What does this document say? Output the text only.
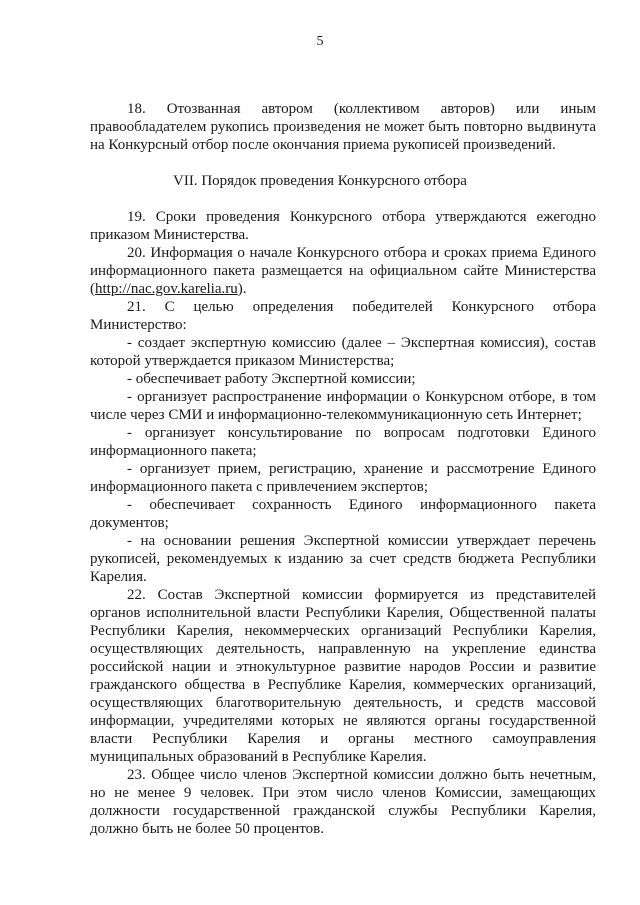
5
18. Отозванная автором (коллективом авторов) или иным
правообладателем рукопись произведения не может быть повторно выдвинута
на Конкурсный отбор после окончания приема рукописей произведений.
VII. Порядок проведения Конкурсного отбора
19. Сроки проведения Конкурсного отбора утверждаются ежегодно
приказом Министерства.
20. Информация о начале Конкурсного отбора и сроках приема Единого
информационного пакета размещается на официальном сайте Министерства
(http://nac.gov.karelia.ru).
21. С целью определения победителей Конкурсного отбора
Министерство:
- создает экспертную комиссию (далее – Экспертная комиссия), состав
которой утверждается приказом Министерства;
- обеспечивает работу Экспертной комиссии;
- организует распространение информации о Конкурсном отборе, в том
числе через СМИ и информационно-телекоммуникационную сеть Интернет;
- организует консультирование по вопросам подготовки Единого
информационного пакета;
- организует прием, регистрацию, хранение и рассмотрение Единого
информационного пакета с привлечением экспертов;
- обеспечивает сохранность Единого информационного пакета
документов;
- на основании решения Экспертной комиссии утверждает перечень
рукописей, рекомендуемых к изданию за счет средств бюджета Республики
Карелия.
22. Состав Экспертной комиссии формируется из представителей
органов исполнительной власти Республики Карелия, Общественной палаты
Республики Карелия, некоммерческих организаций Республики Карелия,
осуществляющих деятельность, направленную на укрепление единства
российской нации и этнокультурное развитие народов России и развитие
гражданского общества в Республике Карелия, коммерческих организаций,
осуществляющих благотворительную деятельность, и средств массовой
информации, учредителями которых не являются органы государственной
власти Республики Карелия и органы местного самоуправления
муниципальных образований в Республике Карелия.
23. Общее число членов Экспертной комиссии должно быть нечетным,
но не менее 9 человек. При этом число членов Комиссии, замещающих
должности государственной гражданской службы Республики Карелия,
должно быть не более 50 процентов.
